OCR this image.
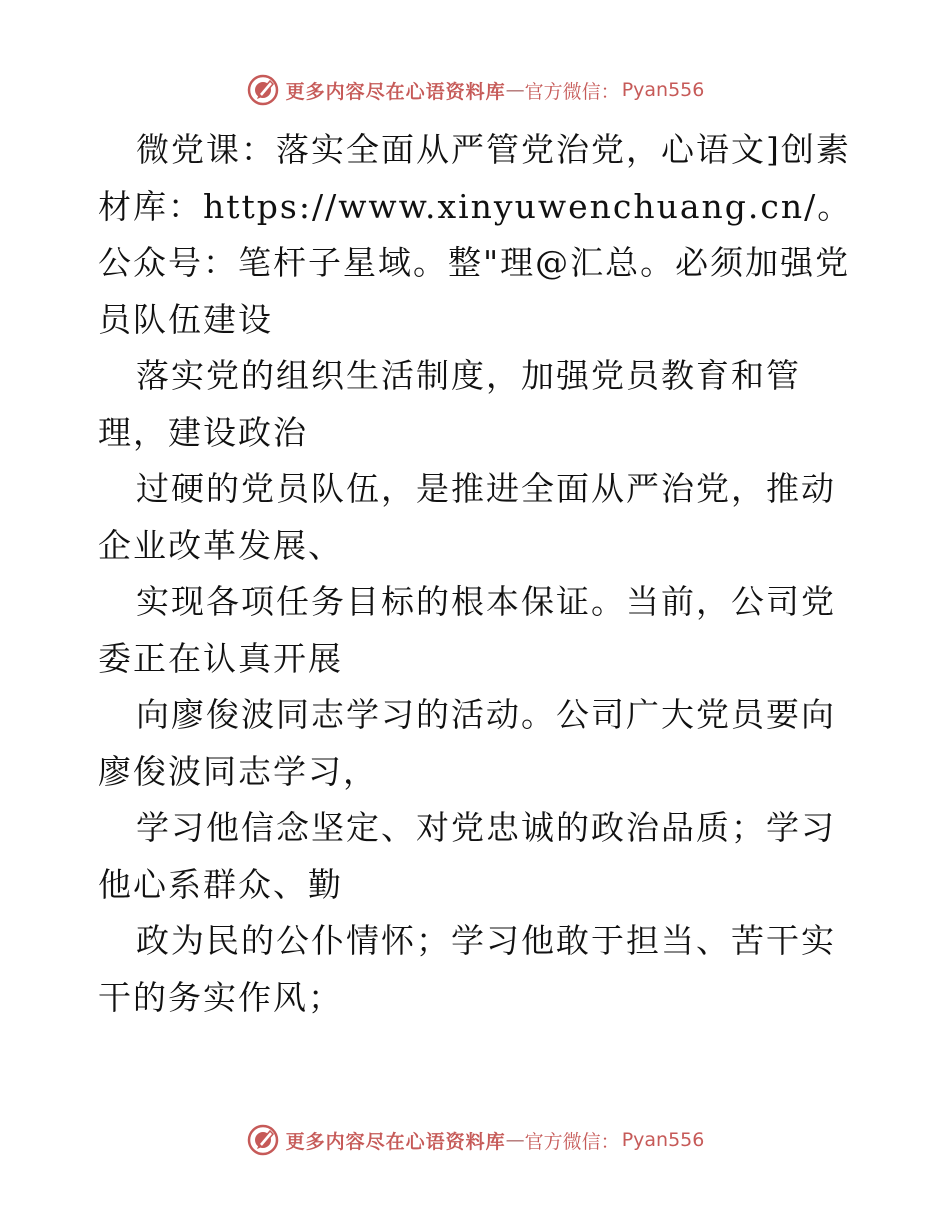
更多内容尽在心语资料库 — 官方微信： Pyan556

微党课：落实全面从严管党治党，心语文]创素材库：https://www.xinyuwenchuang.cn/。公众号：笔杆子星域。整"理@汇总。必须加强党员队伍建设

落实党的组织生活制度，加强党员教育和管理，建设政治

过硬的党员队伍，是推进全面从严治党，推动企业改革发展、

实现各项任务目标的根本保证。当前，公司党委正在认真开展

向廖俊波同志学习的活动。公司广大党员要向廖俊波同志学习，

学习他信念坚定、对党忠诚的政治品质；学习他心系群众、勤

政为民的公仆情怀；学习他敢于担当、苦干实干的务实作风；

更多内容尽在心语资料库 — 官方微信： Pyan556
